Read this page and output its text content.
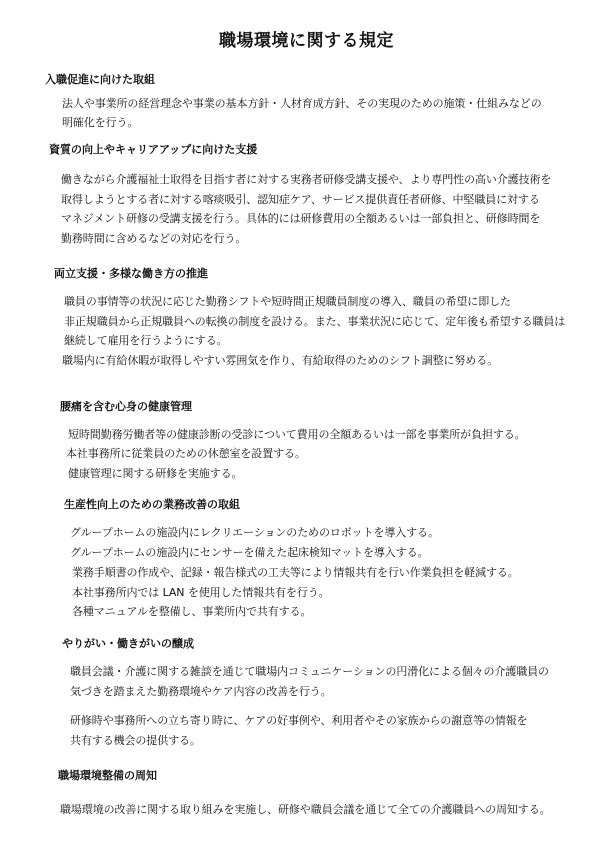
職場環境に関する規定
入職促進に向けた取組
法人や事業所の経営理念や事業の基本方針・人材育成方針、その実現のための施策・仕組みなどの
明確化を行う。
資質の向上やキャリアアップに向けた支援
働きながら介護福祉士取得を目指す者に対する実務者研修受講支援や、より専門性の高い介護技術を
取得しようとする者に対する喀痰吸引、認知症ケア、サービス提供責任者研修、中堅職員に対する
マネジメント研修の受講支援を行う。具体的には研修費用の全額あるいは一部負担と、研修時間を
勤務時間に含めるなどの対応を行う。
両立支援・多様な働き方の推進
職員の事情等の状況に応じた勤務シフトや短時間正規職員制度の導入、職員の希望に即した
非正規職員から正規職員への転換の制度を設ける。また、事業状況に応じて、定年後も希望する職員は
継続して雇用を行うようにする。
職場内に有給休暇が取得しやすい雰囲気を作り、有給取得のためのシフト調整に努める。
腰痛を含む心身の健康管理
短時間勤務労働者等の健康診断の受診について費用の全額あるいは一部を事業所が負担する。
本社事務所に従業員のための休憩室を設置する。
健康管理に関する研修を実施する。
生産性向上のための業務改善の取組
グループホームの施設内にレクリエーションのためのロボットを導入する。
グループホームの施設内にセンサーを備えた起床検知マットを導入する。
業務手順書の作成や、記録・報告様式の工夫等により情報共有を行い作業負担を軽減する。
本社事務所内では LAN を使用した情報共有を行う。
各種マニュアルを整備し、事業所内で共有する。
やりがい・働きがいの醸成
職員会議・介護に関する雑談を通じて職場内コミュニケーションの円滑化による個々の介護職員の
気づきを踏まえた勤務環境やケア内容の改善を行う。
研修時や事務所への立ち寄り時に、ケアの好事例や、利用者やその家族からの謝意等の情報を
共有する機会の提供する。
職場環境整備の周知
職場環境の改善に関する取り組みを実施し、研修や職員会議を通じて全ての介護職員への周知する。
